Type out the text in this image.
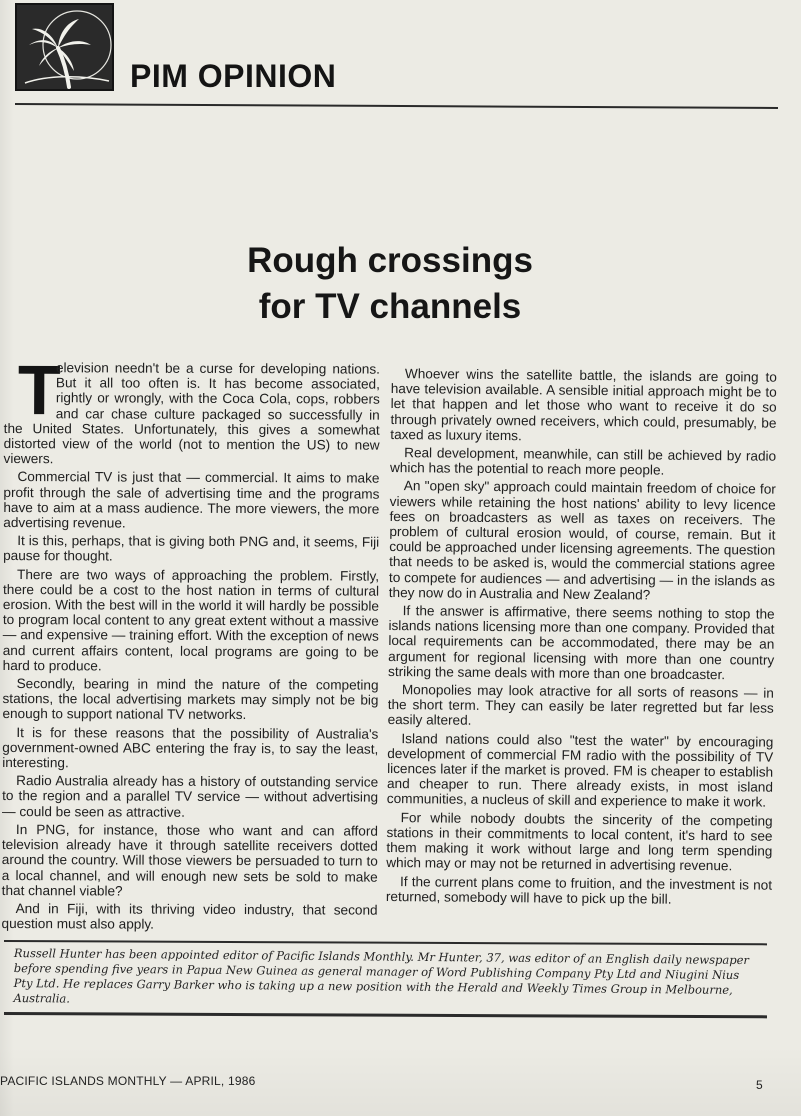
PIM OPINION
Rough crossings
for TV channels

T
elevision needn't be a curse for developing nations. But it all too often is. It has become associated, rightly or wrongly, with the Coca Cola, cops, robbers and car chase culture packaged so successfully in the United States. Unfortunately, this gives a somewhat distorted view of the world (not to mention the US) to new viewers.

Commercial TV is just that — commercial. It aims to make profit through the sale of advertising time and the programs have to aim at a mass audience. The more viewers, the more advertising revenue.

It is this, perhaps, that is giving both PNG and, it seems, Fiji pause for thought.

There are two ways of approaching the problem. Firstly, there could be a cost to the host nation in terms of cultural erosion. With the best will in the world it will hardly be possible to program local content to any great extent without a massive — and expensive — training effort. With the exception of news and current affairs content, local programs are going to be hard to produce.

Secondly, bearing in mind the nature of the competing stations, the local advertising markets may simply not be big enough to support national TV networks.

It is for these reasons that the possibility of Australia's government-owned ABC entering the fray is, to say the least, interesting.

Radio Australia already has a history of outstanding service to the region and a parallel TV service — without advertising — could be seen as attractive.

In PNG, for instance, those who want and can afford television already have it through satellite receivers dotted around the country. Will those viewers be persuaded to turn to a local channel, and will enough new sets be sold to make that channel viable?

And in Fiji, with its thriving video industry, that second question must also apply.

Whoever wins the satellite battle, the islands are going to have television available. A sensible initial approach might be to let that happen and let those who want to receive it do so through privately owned receivers, which could, presumably, be taxed as luxury items.

Real development, meanwhile, can still be achieved by radio which has the potential to reach more people.

An "open sky" approach could maintain freedom of choice for viewers while retaining the host nations' ability to levy licence fees on broadcasters as well as taxes on receivers. The problem of cultural erosion would, of course, remain. But it could be approached under licensing agreements. The question that needs to be asked is, would the commercial stations agree to compete for audiences — and advertising — in the islands as they now do in Australia and New Zealand?

If the answer is affirmative, there seems nothing to stop the islands nations licensing more than one company. Provided that local requirements can be accommodated, there may be an argument for regional licensing with more than one country striking the same deals with more than one broadcaster.

Monopolies may look atractive for all sorts of reasons — in the short term. They can easily be later regretted but far less easily altered.

Island nations could also "test the water" by encouraging development of commercial FM radio with the possibility of TV licences later if the market is proved. FM is cheaper to establish and cheaper to run. There already exists, in most island communities, a nucleus of skill and experience to make it work.

For while nobody doubts the sincerity of the competing stations in their commitments to local content, it's hard to see them making it work without large and long term spending which may or may not be returned in advertising revenue.

If the current plans come to fruition, and the investment is not returned, somebody will have to pick up the bill.

Russell Hunter has been appointed editor of Pacific Islands Monthly. Mr Hunter, 37, was editor of an English daily newspaper before spending five years in Papua New Guinea as general manager of Word Publishing Company Pty Ltd and Niugini Nius Pty Ltd. He replaces Garry Barker who is taking up a new position with the Herald and Weekly Times Group in Melbourne, Australia.

PACIFIC ISLANDS MONTHLY — APRIL, 1986	5
